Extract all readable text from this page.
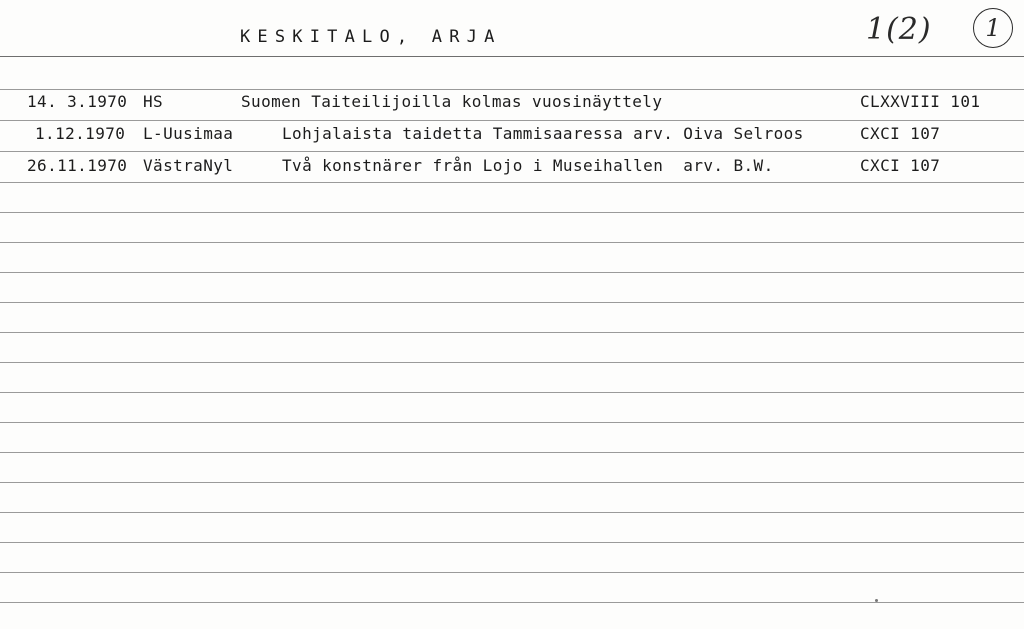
KESKITALO, ARJA	1(2)	1
14. 3.1970 HS	Suomen Taiteilijoilla kolmas vuosinäyttely	CLXXVIII 101
1.12.1970 L-Uusimaa	Lohjalaista taidetta Tammisaaressa arv. Oiva Selroos	CXCI 107
26.11.1970 VästraNyl	Två konstnärer från Lojo i Museihallen  arv. B.W.	CXCI 107
